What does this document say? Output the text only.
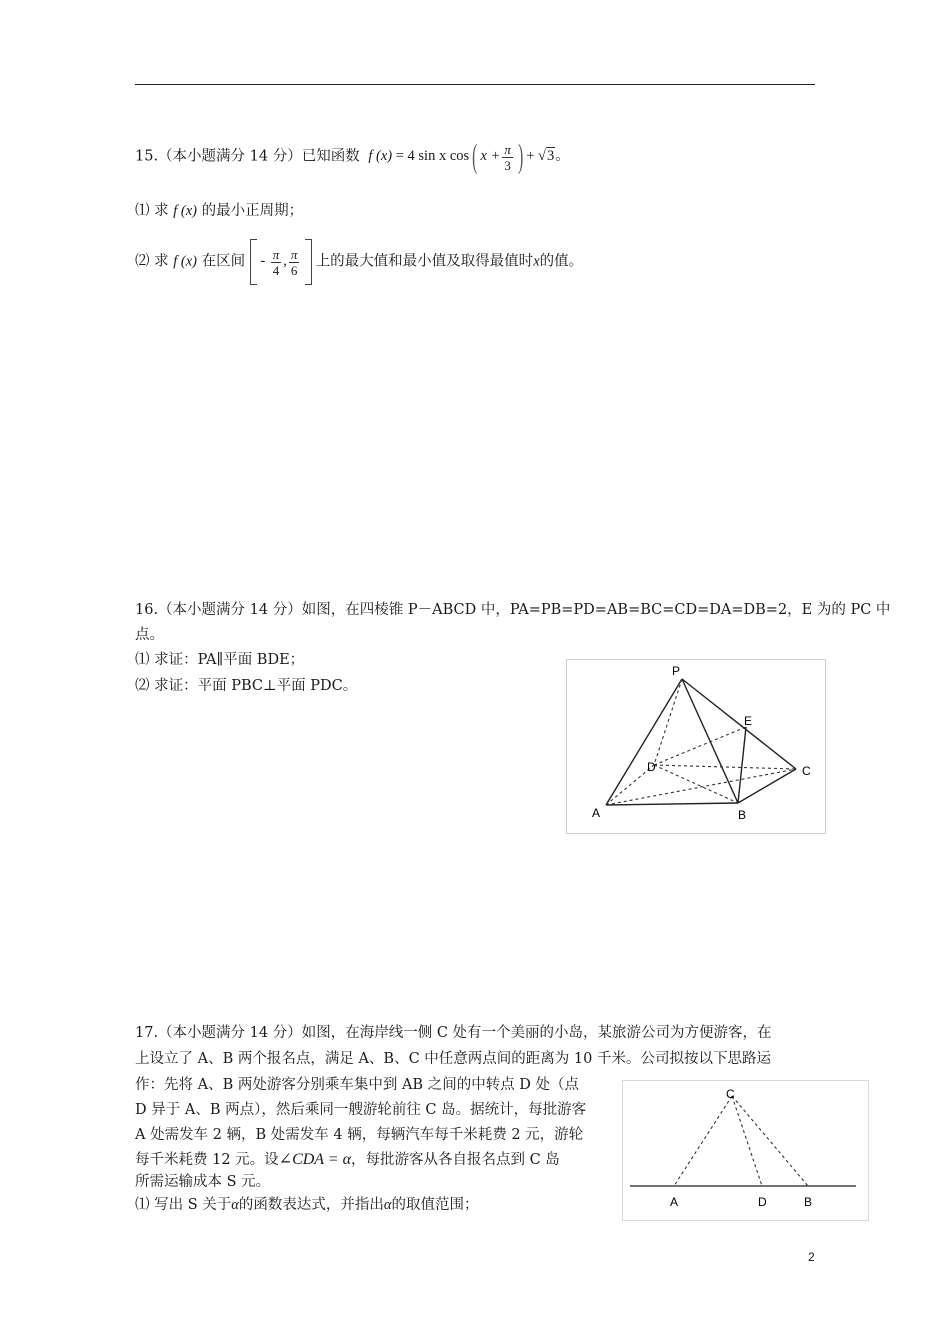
15.（本小题满分 14 分）已知函数 f (x) = 4 sin x cos( $x + \frac{\pi}{3}$ ) + √3。
⑴ 求 f (x) 的最小正周期；
⑵ 求 f (x) 在区间 - $\frac{\pi}{4}$ , $\frac{\pi}{6}$ 上的最大值和最小值及取得最值时x的值。
16.（本小题满分 14 分）如图，在四棱锥 P－ABCD 中，PA=PB=PD=AB=BC=CD=DA=DB=2，E 为的 PC 中
点。
⑴ 求证：PA∥平面 BDE；
⑵ 求证：平面 PBC⊥平面 PDC。
P
E
D	C
A	B
17.（本小题满分 14 分）如图，在海岸线一侧 C 处有一个美丽的小岛，某旅游公司为方便游客，在
上设立了 A、B 两个报名点，满足 A、B、C 中任意两点间的距离为 10 千米。公司拟按以下思路运
作：先将 A、B 两处游客分别乘车集中到 AB 之间的中转点 D 处（点
D 异于 A、B 两点），然后乘同一艘游轮前往 C 岛。据统计，每批游客
A 处需发车 2 辆，B 处需发车 4 辆，每辆汽车每千米耗费 2 元，游轮
每千米耗费 12 元。设∠CDA = α，每批游客从各自报名点到 C 岛
所需运输成本 S 元。
⑴ 写出 S 关于α的函数表达式，并指出α的取值范围；
C
A	D	B
2
